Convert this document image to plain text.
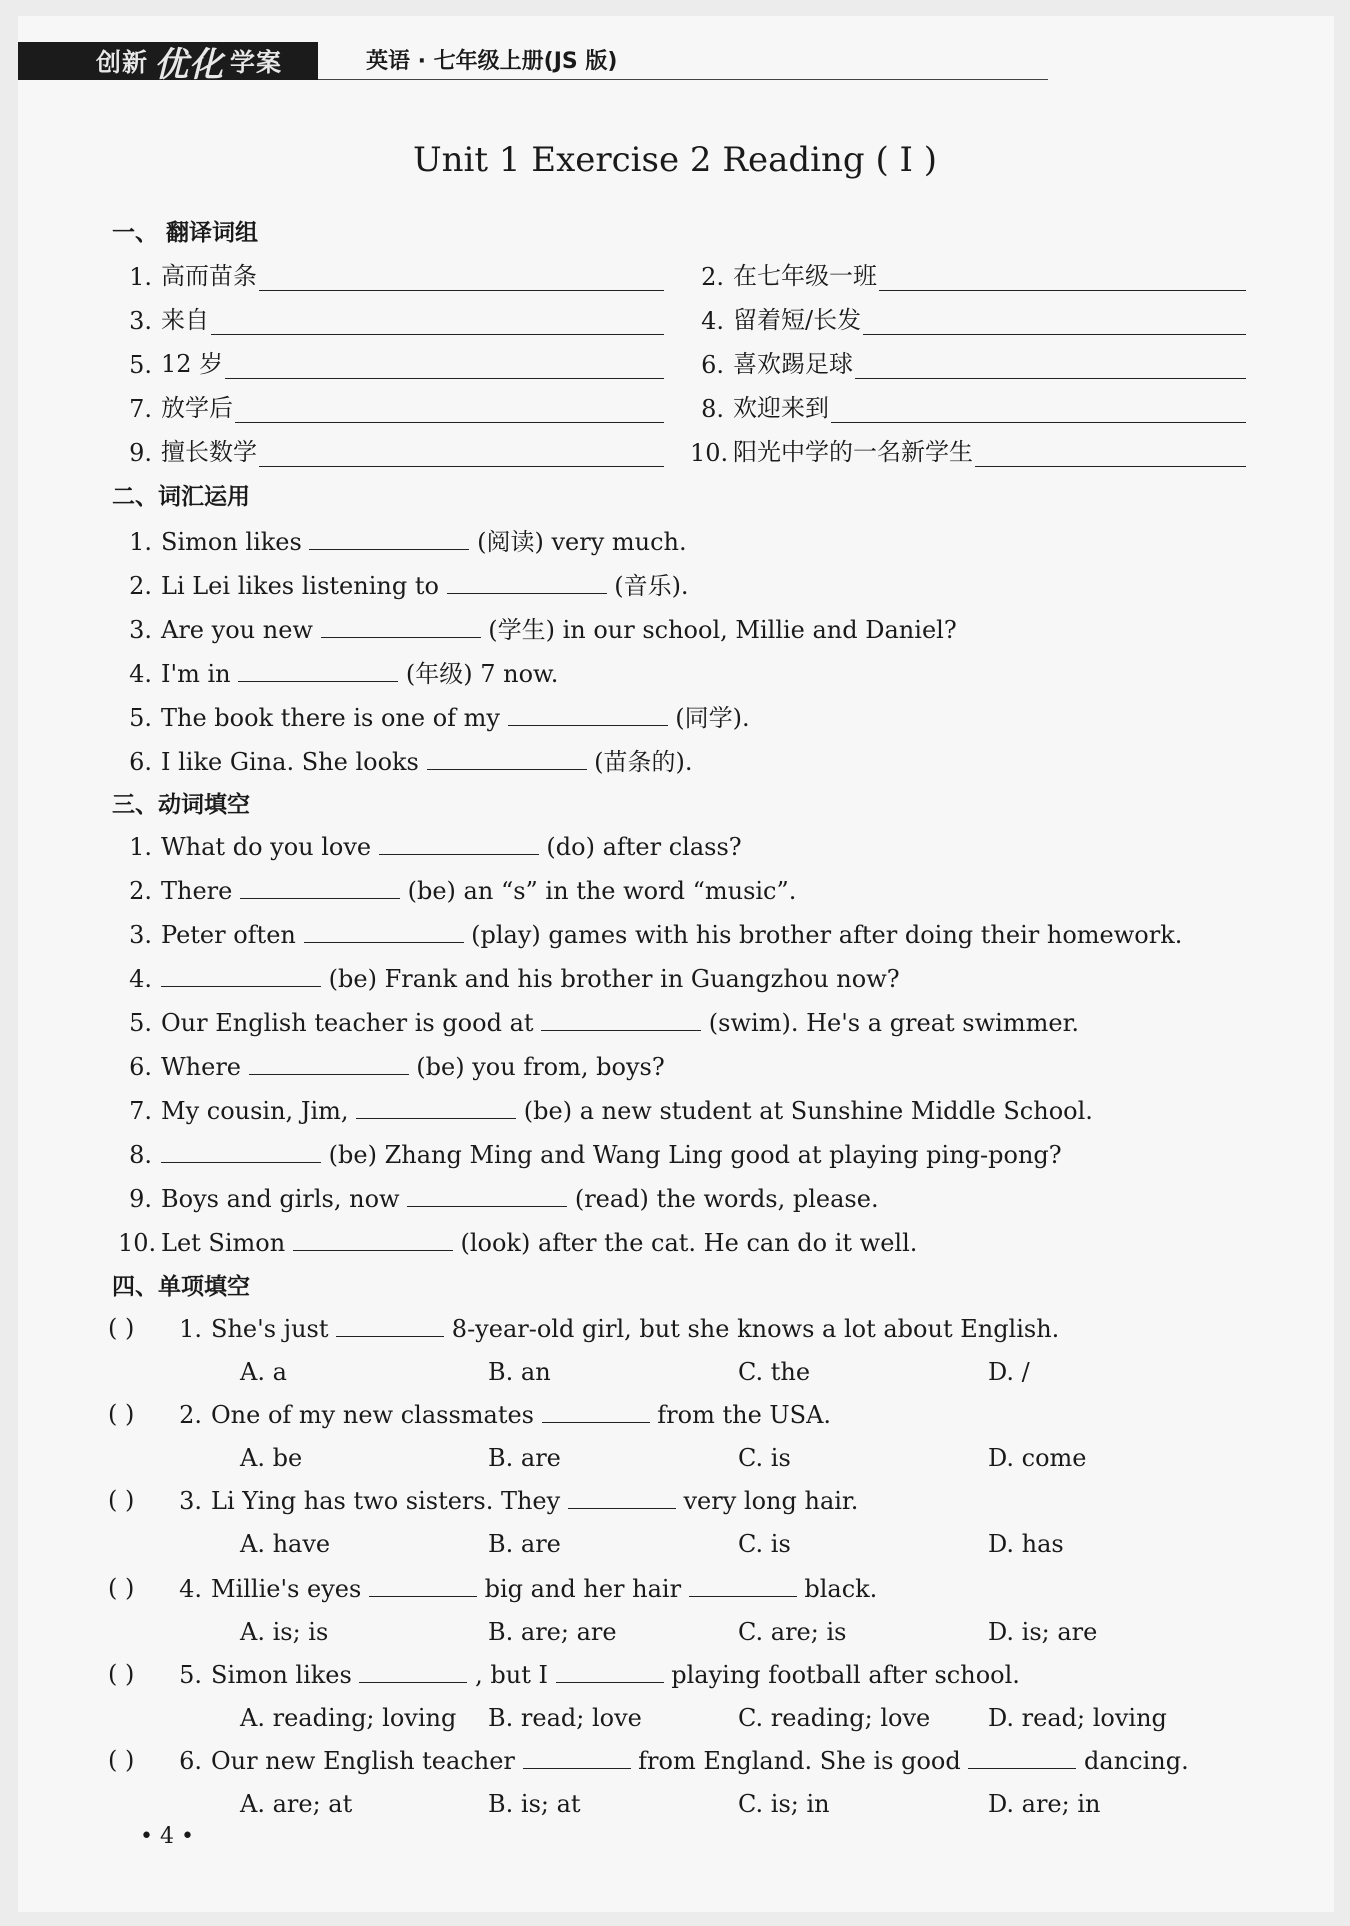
创新 优化 学案	英语 · 七年级上册(JS 版)
Unit 1 Exercise 2 Reading ( Ⅰ )
一、 翻译词组
1. 高而苗条	2. 在七年级一班
3. 来自	4. 留着短/长发
5. 12 岁	6. 喜欢踢足球
7. 放学后	8. 欢迎来到
9. 擅长数学	10. 阳光中学的一名新学生
二、词汇运用
1. Simon likes	(阅读) very much.
2. Li Lei likes listening to	(音乐).
3. Are you new	(学生) in our school, Millie and Daniel?
4. I'm in	(年级) 7 now.
5. The book there is one of my	(同学).
6. I like Gina. She looks	(苗条的).
三、动词填空
1. What do you love	(do) after class?
2. There	(be) an “s” in the word “music”.
3. Peter often	(play) games with his brother after doing their homework.
4.	(be) Frank and his brother in Guangzhou now?
5. Our English teacher is good at	(swim). He's a great swimmer.
6. Where	(be) you from, boys?
7. My cousin, Jim,	(be) a new student at Sunshine Middle School.
8.	(be) Zhang Ming and Wang Ling good at playing ping-pong?
9. Boys and girls, now	(read) the words, please.
10. Let Simon	(look) after the cat. He can do it well.
四、单项填空
( )	1. She's just	8-year-old girl, but she knows a lot about English.
A. a	B. an	C. the	D. /
( )	2. One of my new classmates	from the USA.
A. be	B. are	C. is	D. come
( )	3. Li Ying has two sisters. They	very long hair.
A. have	B. are	C. is	D. has
( )	4. Millie's eyes	big and her hair	black.
A. is; is	B. are; are	C. are; is	D. is; are
( )	5. Simon likes	, but I	playing football after school.
A. reading; loving B. read; love	C. reading; love D. read; loving
( )	6. Our new English teacher	from England. She is good	dancing.
A. are; at	B. is; at	C. is; in	D. are; in
• 4 •
